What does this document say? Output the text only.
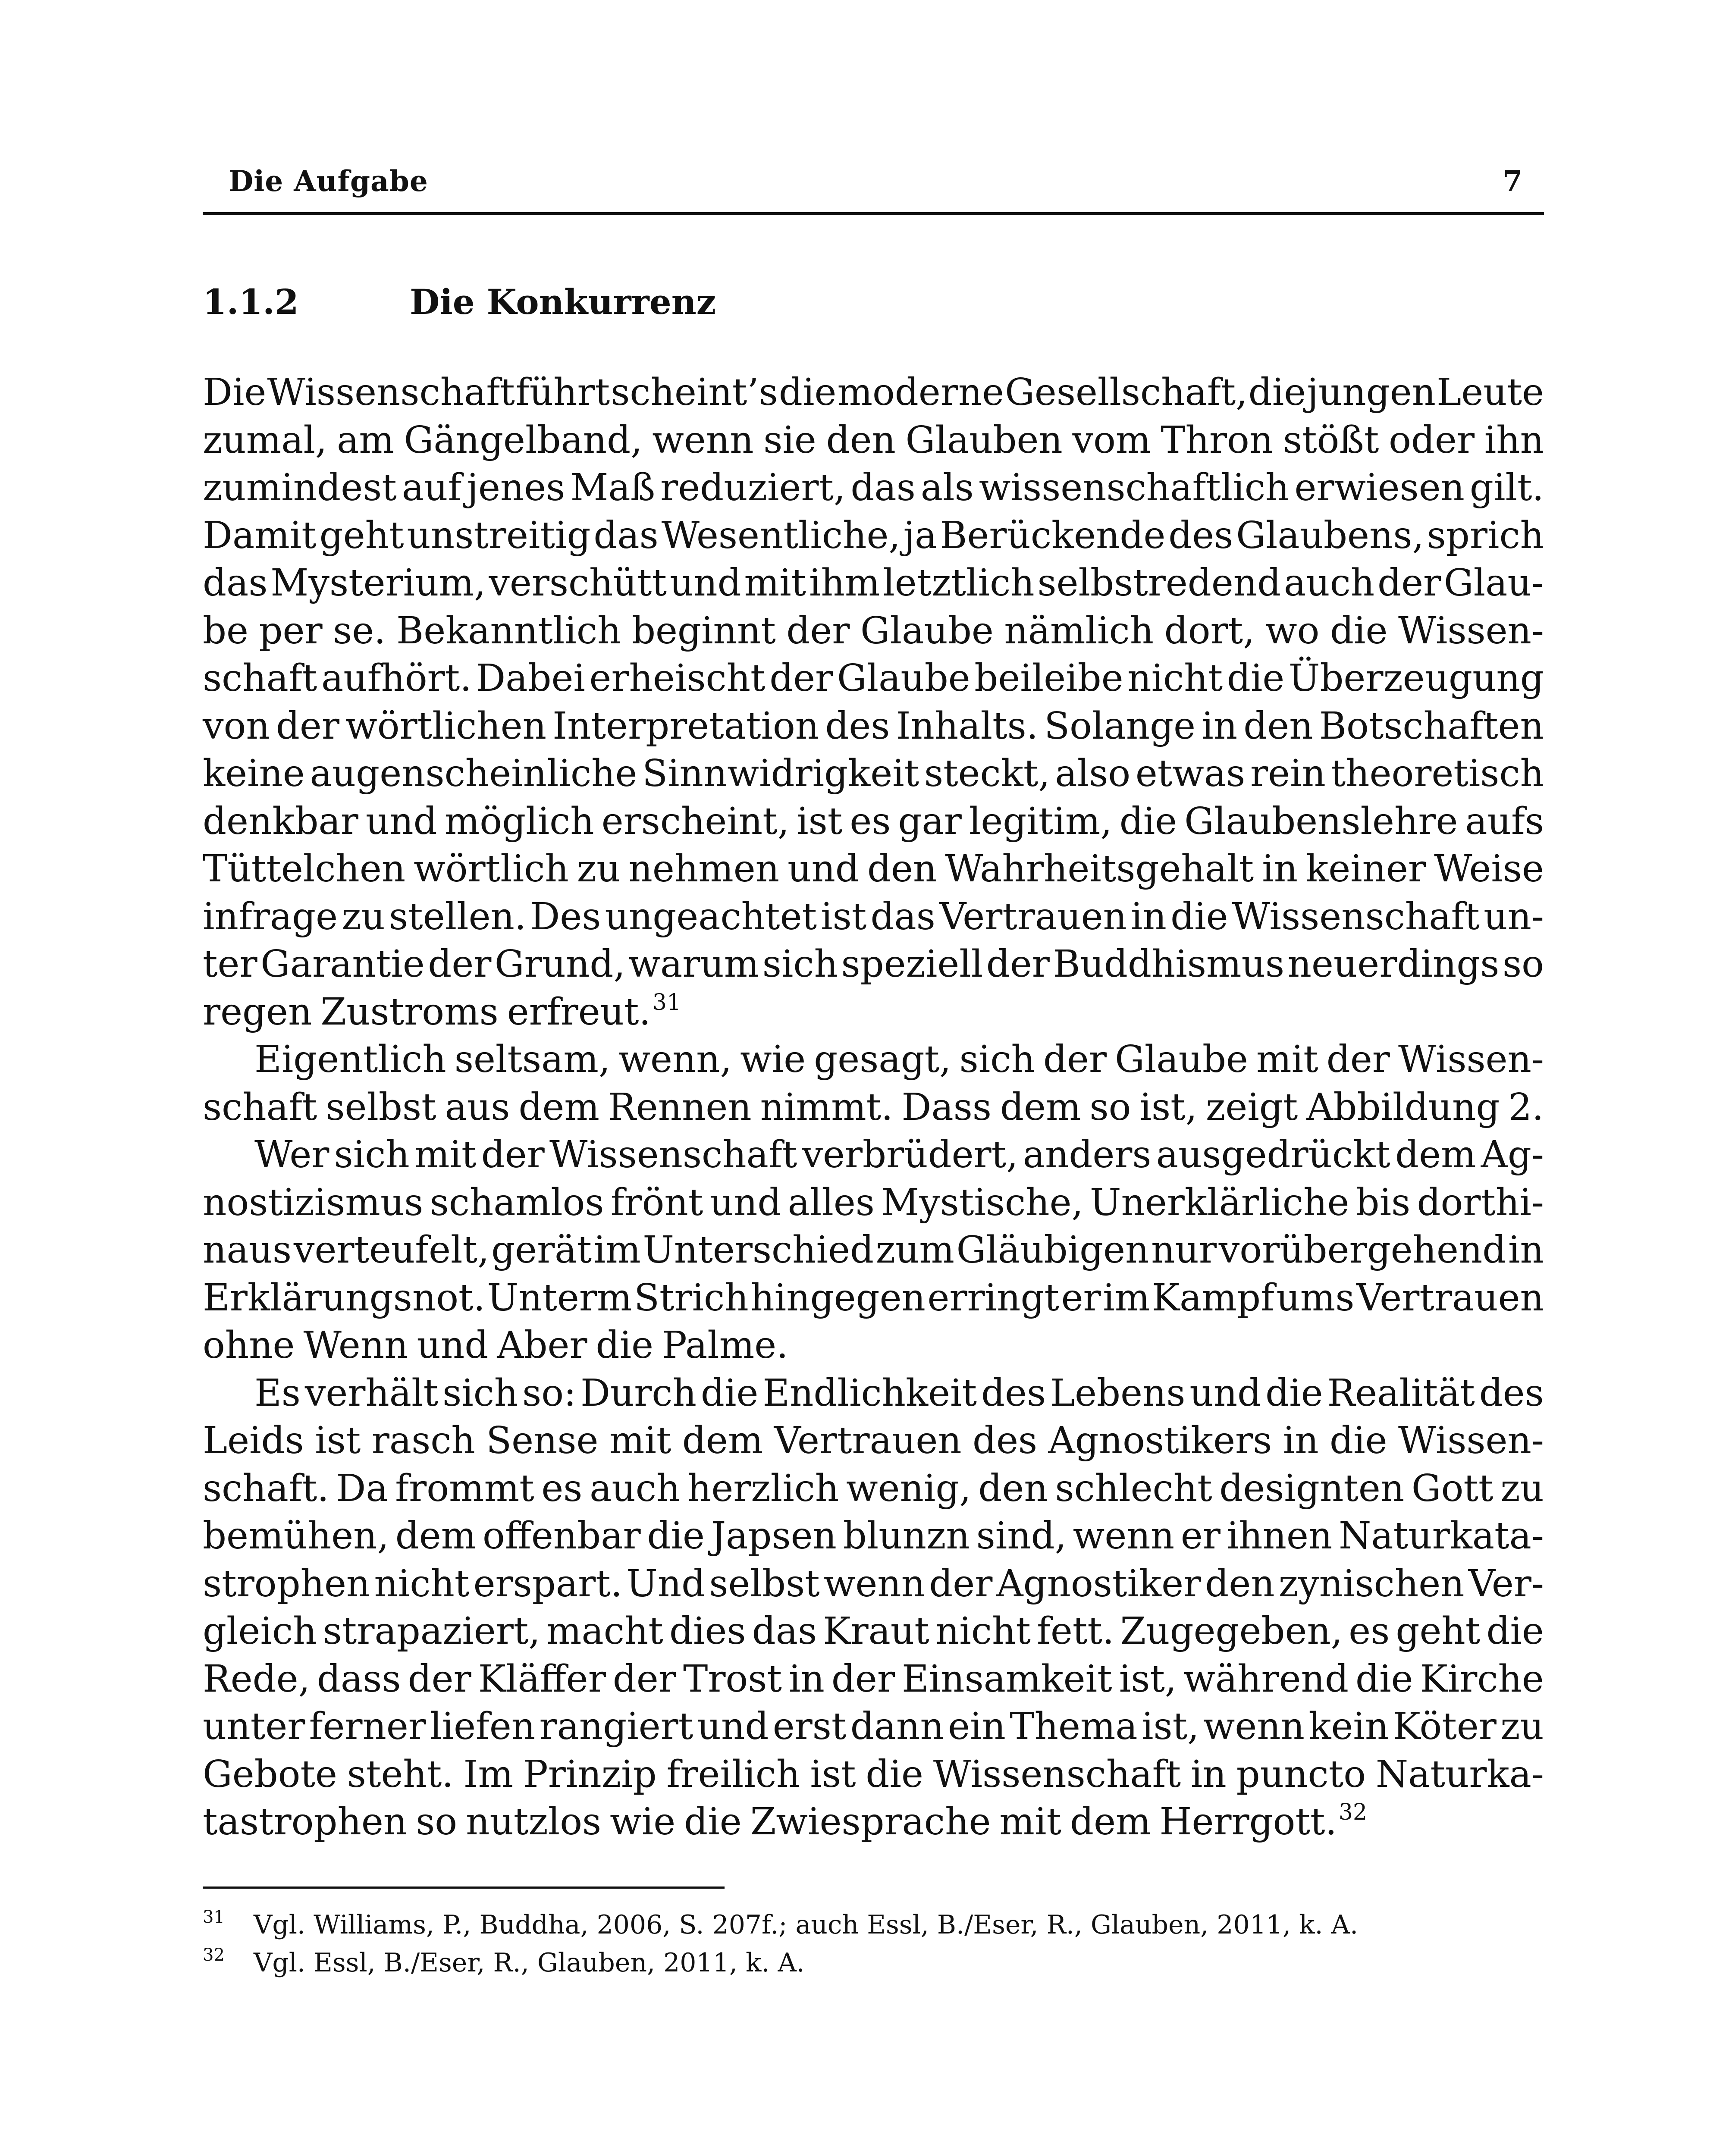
Die Aufgabe	7
1.1.2	Die Konkurrenz
Die Wissenschaft führt scheint’s die moderne Gesellschaft, die jungen Leute
zumal, am Gängelband, wenn sie den Glauben vom Thron stößt oder ihn
zumindest auf jenes Maß reduziert, das als wissenschaftlich erwiesen gilt.
Damit geht unstreitig das Wesentliche, ja Berückende des Glaubens, sprich
das Mysterium, verschütt und mit ihm letztlich selbstredend auch der Glau-
be per se. Bekanntlich beginnt der Glaube nämlich dort, wo die Wissen-
schaft aufhört. Dabei erheischt der Glaube beileibe nicht die Überzeugung
von der wörtlichen Interpretation des Inhalts. Solange in den Botschaften
keine augenscheinliche Sinnwidrigkeit steckt, also etwas rein theoretisch
denkbar und möglich erscheint, ist es gar legitim, die Glaubenslehre aufs
Tüttelchen wörtlich zu nehmen und den Wahrheitsgehalt in keiner Weise
infrage zu stellen. Des ungeachtet ist das Vertrauen in die Wissenschaft un-
ter Garantie der Grund, warum sich speziell der Buddhismus neuerdings so
regen Zustroms erfreut.$^{31}$
Eigentlich seltsam, wenn, wie gesagt, sich der Glaube mit der Wissen-
schaft selbst aus dem Rennen nimmt. Dass dem so ist, zeigt Abbildung 2.
Wer sich mit der Wissenschaft verbrüdert, anders ausgedrückt dem Ag-
nostizismus schamlos frönt und alles Mystische, Unerklärliche bis dorthi-
naus verteufelt, gerät im Unterschied zum Gläubigen nur vorübergehend in
Erklärungsnot. Unterm Strich hingegen erringt er im Kampf ums Vertrauen
ohne Wenn und Aber die Palme.
Es verhält sich so: Durch die Endlichkeit des Lebens und die Realität des
Leids ist rasch Sense mit dem Vertrauen des Agnostikers in die Wissen-
schaft. Da frommt es auch herzlich wenig, den schlecht designten Gott zu
bemühen, dem offenbar die Japsen blunzn sind, wenn er ihnen Naturkata-
strophen nicht erspart. Und selbst wenn der Agnostiker den zynischen Ver-
gleich strapaziert, macht dies das Kraut nicht fett. Zugegeben, es geht die
Rede, dass der Kläffer der Trost in der Einsamkeit ist, während die Kirche
unter ferner liefen rangiert und erst dann ein Thema ist, wenn kein Köter zu
Gebote steht. Im Prinzip freilich ist die Wissenschaft in puncto Naturka-
tastrophen so nutzlos wie die Zwiesprache mit dem Herrgott.$^{32}$
31 Vgl. Williams, P., Buddha, 2006, S. 207f.; auch Essl, B./Eser, R., Glauben, 2011, k. A.
32 Vgl. Essl, B./Eser, R., Glauben, 2011, k. A.
